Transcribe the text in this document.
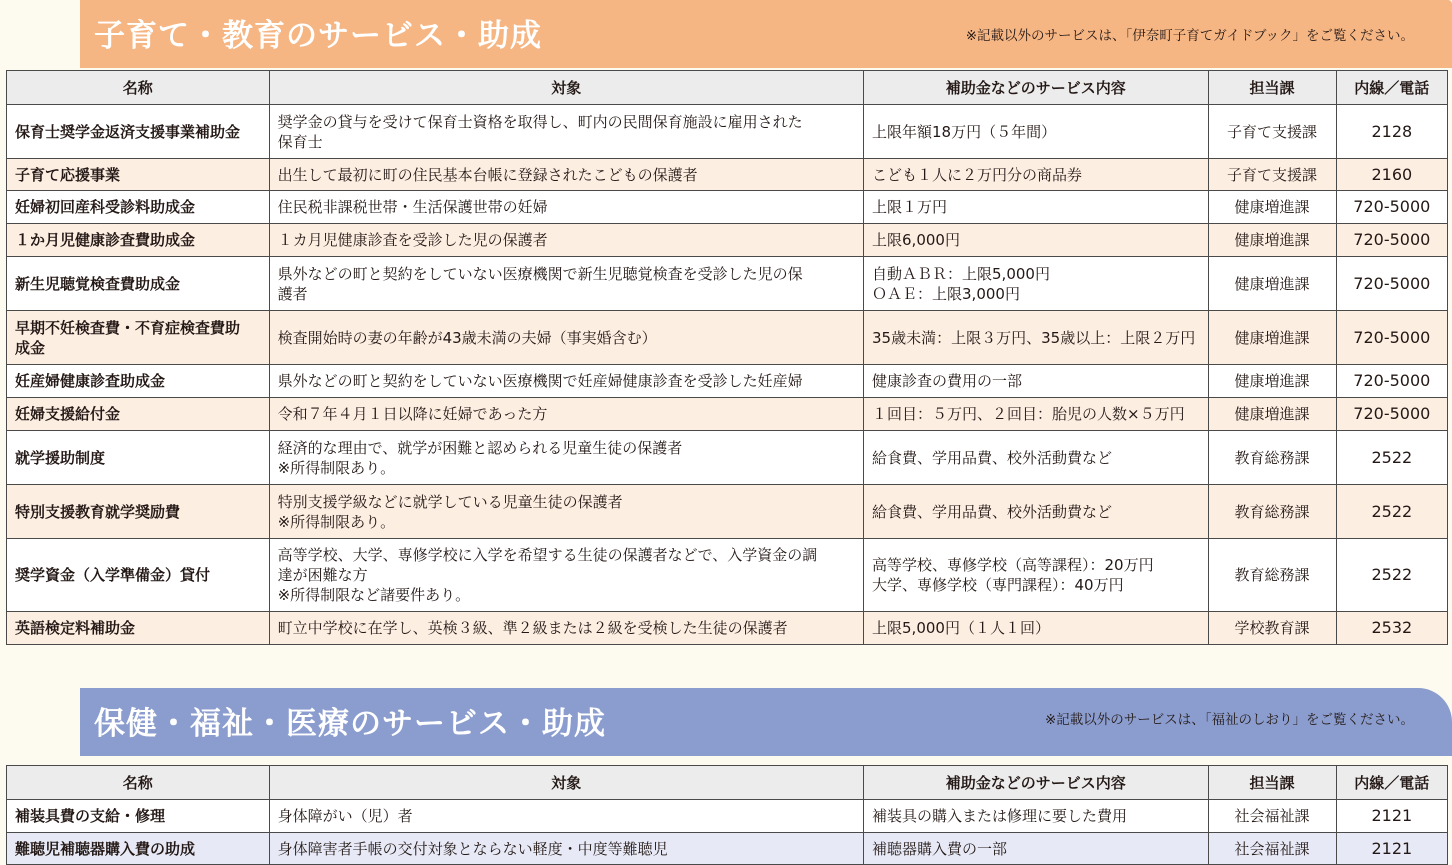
子育て・教育のサービス・助成	※記載以外のサービスは、「伊奈町子育てガイドブック」をご覧ください。
名称	対象	補助金などのサービス内容	担当課	内線／電話

保育士奨学金返済支援事業補助金	奨学金の貸与を受けて保育士資格を取得し、町内の民間保育施設に雇用された
保育士	上限年額18万円（５年間）	子育て支援課	2128

子育て応援事業	出生して最初に町の住民基本台帳に登録されたこどもの保護者	こども１人に２万円分の商品券	子育て支援課	2160

妊婦初回産科受診料助成金	住民税非課税世帯・生活保護世帯の妊婦	上限１万円	健康増進課	720-5000

１か月児健康診査費助成金	１カ月児健康診査を受診した児の保護者	上限6,000円	健康増進課	720-5000

新生児聴覚検査費助成金	県外などの町と契約をしていない医療機関で新生児聴覚検査を受診した児の保
護者	自動ＡＢＲ：上限5,000円
ＯＡＥ：上限3,000円	健康増進課	720-5000

早期不妊検査費・不育症検査費助
成金	検査開始時の妻の年齢が43歳未満の夫婦（事実婚含む）	35歳未満：上限３万円、35歳以上：上限２万円	健康増進課	720-5000

妊産婦健康診査助成金	県外などの町と契約をしていない医療機関で妊産婦健康診査を受診した妊産婦	健康診査の費用の一部	健康増進課	720-5000

妊婦支援給付金	令和７年４月１日以降に妊婦であった方	１回目：５万円、２回目：胎児の人数×５万円	健康増進課	720-5000

就学援助制度	経済的な理由で、就学が困難と認められる児童生徒の保護者
※所得制限あり。	給食費、学用品費、校外活動費など	教育総務課	2522

特別支援教育就学奨励費	特別支援学級などに就学している児童生徒の保護者
※所得制限あり。	給食費、学用品費、校外活動費など	教育総務課	2522

奨学資金（入学準備金）貸付	高等学校、大学、専修学校に入学を希望する生徒の保護者などで、入学資金の調
達が困難な方
※所得制限など諸要件あり。	高等学校、専修学校（高等課程）：20万円
大学、専修学校（専門課程）：40万円	教育総務課	2522

英語検定料補助金	町立中学校に在学し、英検３級、準２級または２級を受検した生徒の保護者	上限5,000円（１人１回）	学校教育課	2532
保健・福祉・医療のサービス・助成	※記載以外のサービスは、「福祉のしおり」をご覧ください。
名称	対象	補助金などのサービス内容	担当課	内線／電話

補装具費の支給・修理	身体障がい（児）者	補装具の購入または修理に要した費用	社会福祉課	2121

難聴児補聴器購入費の助成	身体障害者手帳の交付対象とならない軽度・中度等難聴児	補聴器購入費の一部	社会福祉課	2121
